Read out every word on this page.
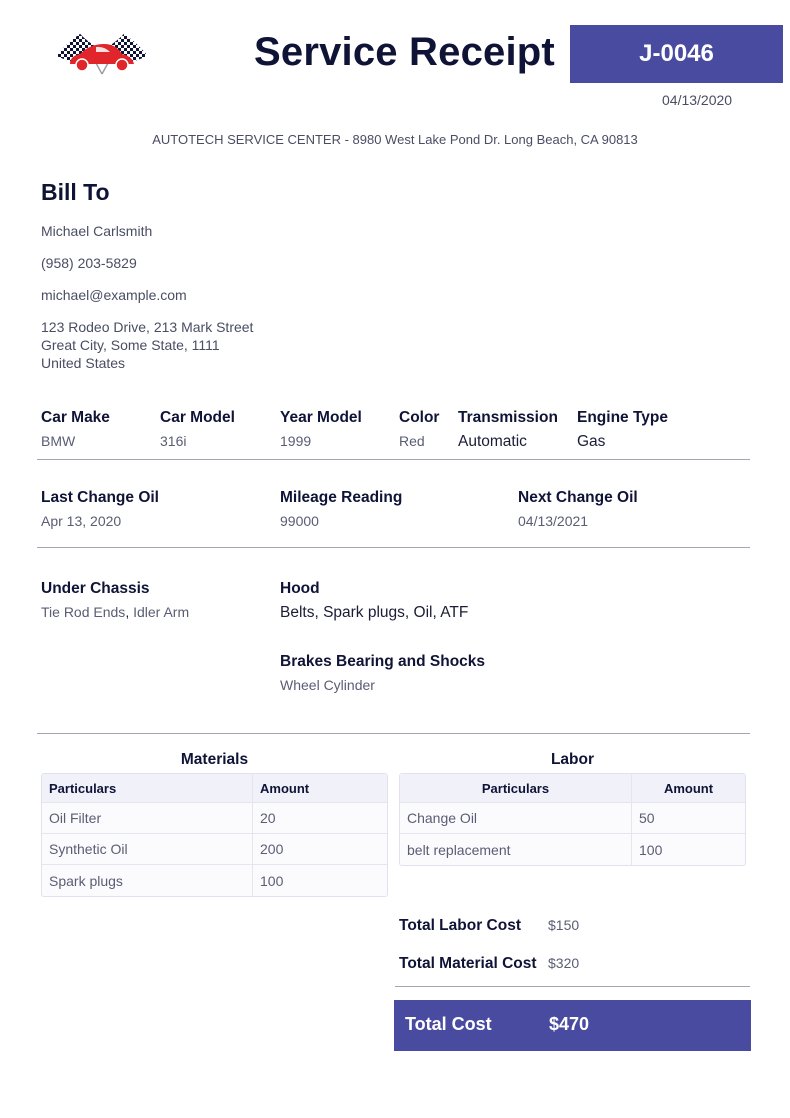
Service Receipt	J-0046
04/13/2020
AUTOTECH SERVICE CENTER - 8980 West Lake Pond Dr. Long Beach, CA 90813
Bill To
Michael Carlsmith
(958) 203-5829
michael@example.com
123 Rodeo Drive, 213 Mark Street
Great City, Some State, 1111
United States
Car Make
BMW
Car Model
316i
Year Model
1999
Color
Red
Transmission
Automatic
Engine Type
Gas
Last Change Oil
Apr 13, 2020
Mileage Reading
99000
Next Change Oil
04/13/2021
Under Chassis
Tie Rod Ends, Idler Arm
Hood
Belts, Spark plugs, Oil, ATF
Brakes Bearing and Shocks
Wheel Cylinder
Materials
Particulars	Amount
Oil Filter	20
Synthetic Oil	200
Spark plugs	100
Labor
Particulars	Amount
Change Oil	50
belt replacement	100
Total Labor Cost $150
Total Material Cost $320
Total Cost	$470
